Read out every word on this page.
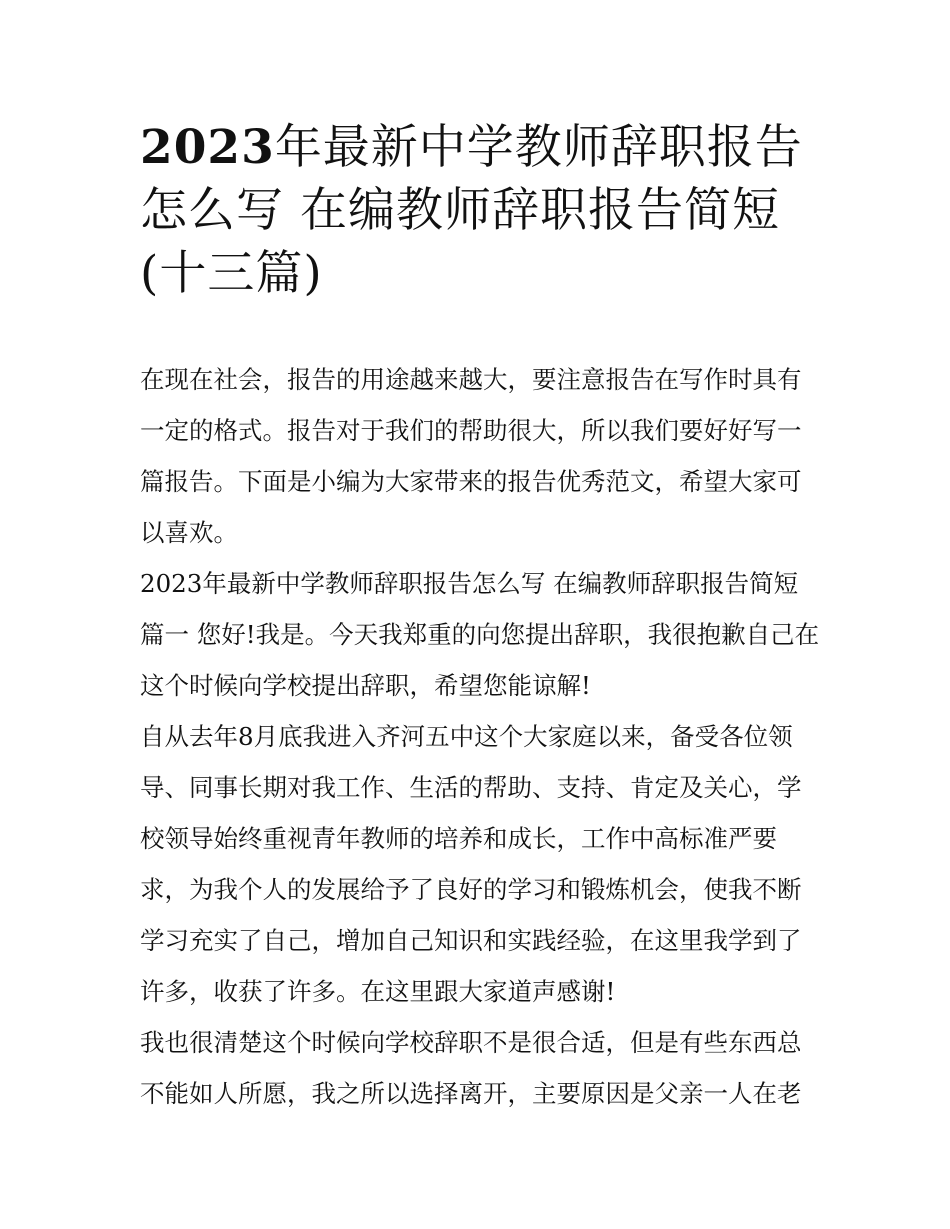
2023年最新中学教师辞职报告怎么写 在编教师辞职报告简短(十三篇)

在现在社会，报告的用途越来越大，要注意报告在写作时具有一定的格式。报告对于我们的帮助很大，所以我们要好好写一篇报告。下面是小编为大家带来的报告优秀范文，希望大家可以喜欢。

2023年最新中学教师辞职报告怎么写 在编教师辞职报告简短篇一 您好!我是。今天我郑重的向您提出辞职，我很抱歉自己在这个时候向学校提出辞职，希望您能谅解!

自从去年8月底我进入齐河五中这个大家庭以来，备受各位领导、同事长期对我工作、生活的帮助、支持、肯定及关心，学校领导始终重视青年教师的培养和成长，工作中高标准严要求，为我个人的发展给予了良好的学习和锻炼机会，使我不断学习充实了自己，增加自己知识和实践经验，在这里我学到了许多，收获了许多。在这里跟大家道声感谢!

我也很清楚这个时候向学校辞职不是很合适，但是有些东西总不能如人所愿，我之所以选择离开，主要原因是父亲一人在老
